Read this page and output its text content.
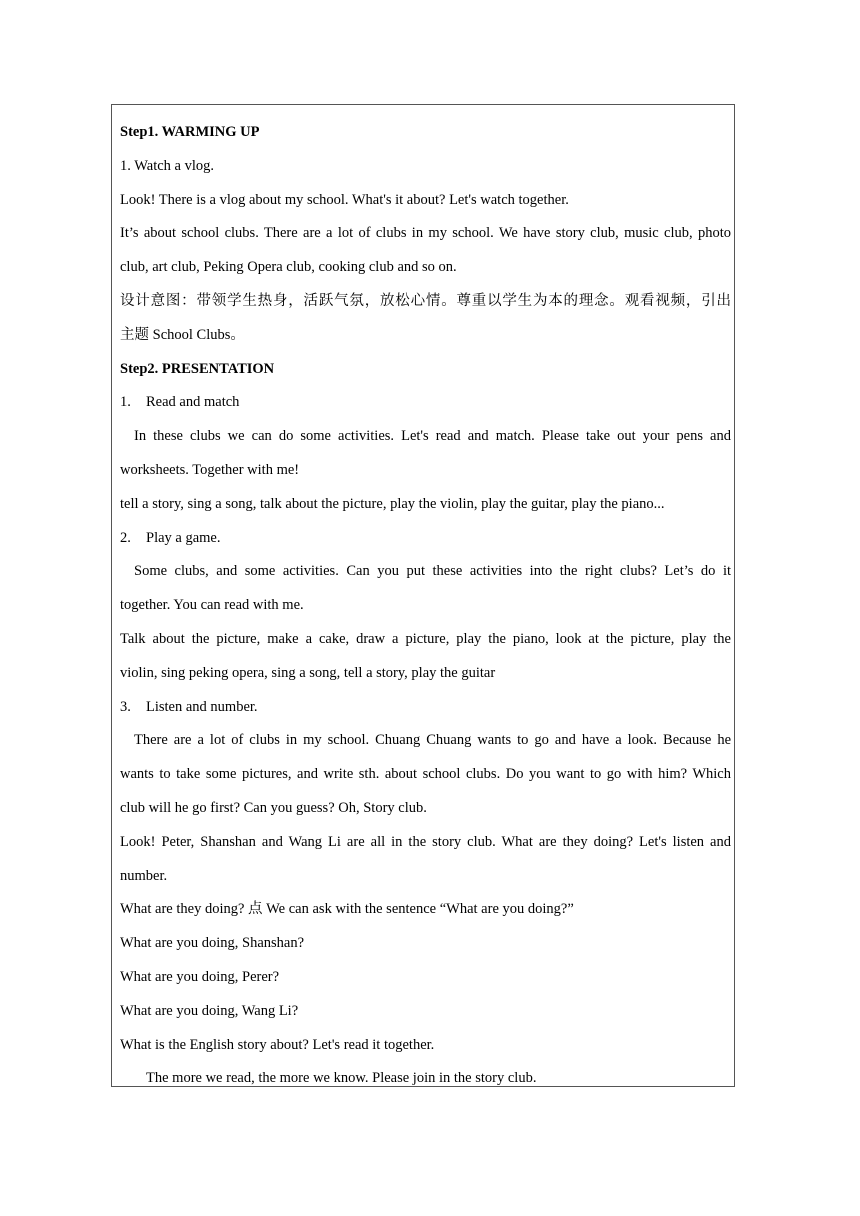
Step1. WARMING UP
1. Watch a vlog.
Look! There is a vlog about my school. What's it about? Let's watch together.
It’s about school clubs. There are a lot of clubs in my school. We have story club, music club, photo
club, art club, Peking Opera club, cooking club and so on.
设计意图：带领学生热身，活跃气氛，放松心情。尊重以学生为本的理念。观看视频，引出
主题 School Clubs。
Step2. PRESENTATION
1. Read and match
In these clubs we can do some activities. Let's read and match. Please take out your pens and
worksheets. Together with me!
tell a story, sing a song, talk about the picture, play the violin, play the guitar, play the piano...
2. Play a game.
Some clubs, and some activities. Can you put these activities into the right clubs? Let’s do it
together. You can read with me.
Talk about the picture, make a cake, draw a picture, play the piano, look at the picture, play the
violin, sing peking opera, sing a song, tell a story, play the guitar
3. Listen and number.
There are a lot of clubs in my school. Chuang Chuang wants to go and have a look. Because he
wants to take some pictures, and write sth. about school clubs. Do you want to go with him? Which
club will he go first? Can you guess? Oh, Story club.
Look! Peter, Shanshan and Wang Li are all in the story club. What are they doing? Let's listen and
number.
What are they doing? 点 We can ask with the sentence “What are you doing?”
What are you doing, Shanshan?
What are you doing, Perer?
What are you doing, Wang Li?
What is the English story about? Let's read it together.
The more we read, the more we know. Please join in the story club.
